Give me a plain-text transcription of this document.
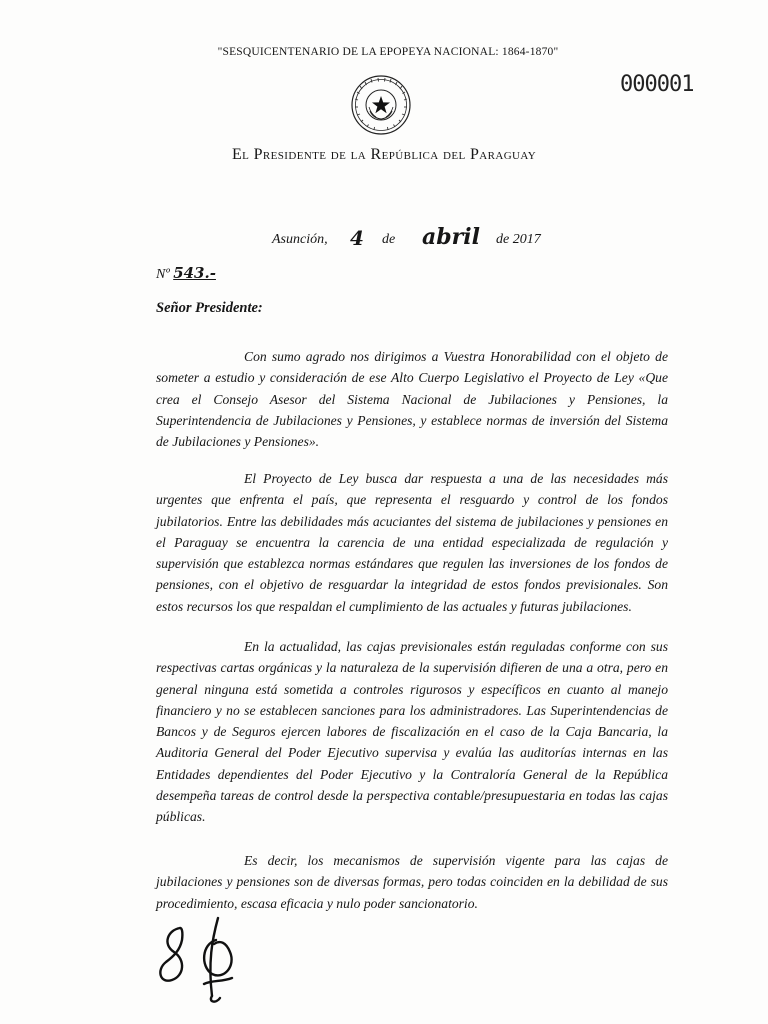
"SESQUICENTENARIO DE LA EPOPEYA NACIONAL: 1864-1870"
000001
El Presidente de la República del Paraguay
Asunción, 4 de abril de 2017
Nº 543.-
Señor Presidente:

Con sumo agrado nos dirigimos a Vuestra Honorabilidad con el objeto de someter a estudio y consideración de ese Alto Cuerpo Legislativo el Proyecto de Ley «Que crea el Consejo Asesor del Sistema Nacional de Jubilaciones y Pensiones, la Superintendencia de Jubilaciones y Pensiones, y establece normas de inversión del Sistema de Jubilaciones y Pensiones».

El Proyecto de Ley busca dar respuesta a una de las necesidades más urgentes que enfrenta el país, que representa el resguardo y control de los fondos jubilatorios. Entre las debilidades más acuciantes del sistema de jubilaciones y pensiones en el Paraguay se encuentra la carencia de una entidad especializada de regulación y supervisión que establezca normas estándares que regulen las inversiones de los fondos de pensiones, con el objetivo de resguardar la integridad de estos fondos previsionales. Son estos recursos los que respaldan el cumplimiento de las actuales y futuras jubilaciones.

En la actualidad, las cajas previsionales están reguladas conforme con sus respectivas cartas orgánicas y la naturaleza de la supervisión difieren de una a otra, pero en general ninguna está sometida a controles rigurosos y específicos en cuanto al manejo financiero y no se establecen sanciones para los administradores. Las Superintendencias de Bancos y de Seguros ejercen labores de fiscalización en el caso de la Caja Bancaria, la Auditoria General del Poder Ejecutivo supervisa y evalúa las auditorías internas en las Entidades dependientes del Poder Ejecutivo y la Contraloría General de la República desempeña tareas de control desde la perspectiva contable/presupuestaria en todas las cajas públicas.

Es decir, los mecanismos de supervisión vigente para las cajas de jubilaciones y pensiones son de diversas formas, pero todas coinciden en la debilidad de sus procedimiento, escasa eficacia y nulo poder sancionatorio.
